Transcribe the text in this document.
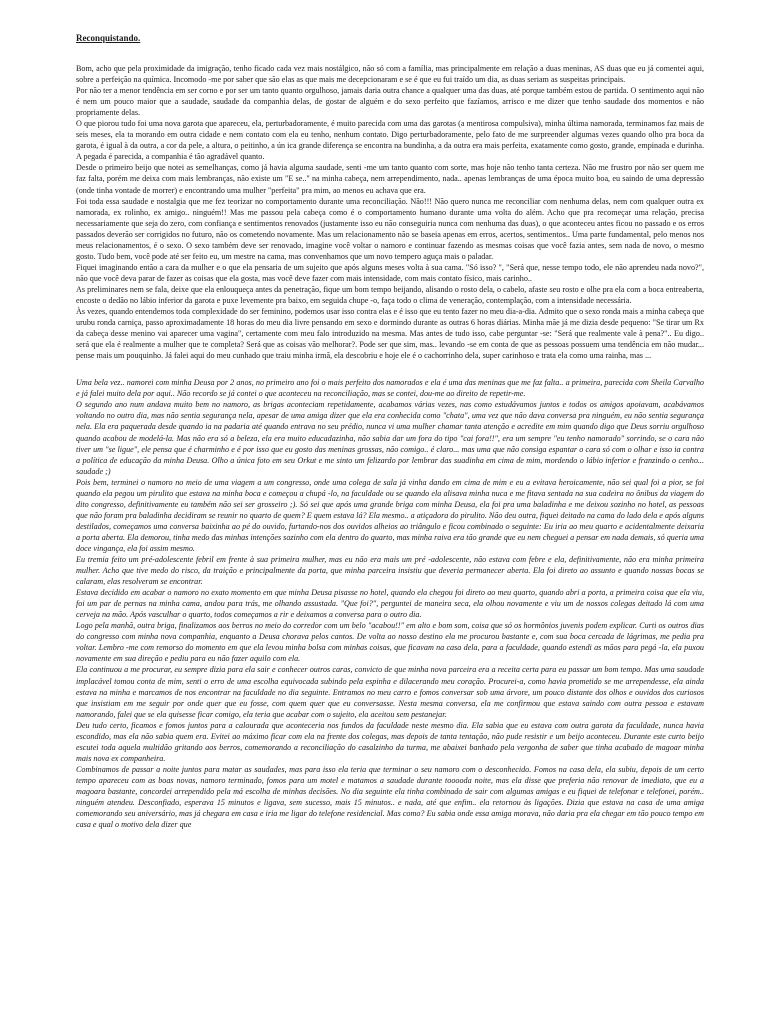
Reconquistando.

Bom, acho que pela proximidade da imigração, tenho ficado cada vez mais nostálgico, não só com a família, mas principalmente em relação a duas meninas, AS duas que eu já comentei aqui, sobre a perfeição na química. Incomodo -me por saber que são elas as que mais me decepcionaram e se é que eu fui traído um dia, as duas seriam as suspeitas principais.

Por não ter a menor tendência em ser corno e por ser um tanto quanto orgulhoso, jamais daria outra chance a qualquer uma das duas, até porque também estou de partida. O sentimento aqui não é nem um pouco maior que a saudade, saudade da companhia delas, de gostar de alguém e do sexo perfeito que fazíamos, arrisco e me dizer que tenho saudade dos momentos e não propriamente delas.

O que piorou tudo foi uma nova garota que apareceu, ela, perturbadoramente, é muito parecida com uma das garotas (a mentirosa compulsiva), minha última namorada, terminamos faz mais de seis meses, ela ta morando em outra cidade e nem contato com ela eu tenho, nenhum contato. Digo perturbadoramente, pelo fato de me surpreender algumas vezes quando olho pra boca da garota, é igual à da outra, a cor da pele, a altura, o peitinho, a ún ica grande diferença se encontra na bundinha, a da outra era mais perfeita, exatamente como gosto, grande, empinada e durinha. A pegada é parecida, a companhia é tão agradável quanto.

Desde o primeiro beijo que notei as semelhanças, como já havia alguma saudade, senti -me um tanto quanto com sorte, mas hoje não tenho tanta certeza. Não me frustro por não ser quem me faz falta, porém me deixa com mais lembranças, não existe um "E se.." na minha cabeça, nem arrependimento, nada.. apenas lembranças de uma época muito boa, eu saindo de uma depressão (onde tinha vontade de morrer) e encontrando uma mulher "perfeita" pra mim, ao menos eu achava que era.

Foi toda essa saudade e nostalgia que me fez teorizar no comportamento durante uma reconciliação. Não!!! Não quero nunca me reconciliar com nenhuma delas, nem com qualquer outra ex namorada, ex rolinho, ex amigo.. ninguém!! Mas me passou pela cabeça como é o comportamento humano durante uma volta do além. Acho que pra recomeçar uma relação, precisa necessariamente que seja do zero, com confiança e sentimentos renovados (justamente isso eu não conseguiria nunca com nenhuma das duas), o que aconteceu antes ficou no passado e os erros passados deverão ser corrigidos no futuro, não os cometendo novamente. Mas um relacionamento não se baseia apenas em erros, acertos, sentimentos.. Uma parte fundamental, pelo menos nos meus relacionamentos, é o sexo. O sexo também deve ser renovado, imagine você voltar o namoro e continuar fazendo as mesmas coisas que você fazia antes, sem nada de novo, o mesmo gosto. Tudo bem, você pode até ser feito eu, um mestre na cama, mas convenhamos que um novo tempero aguça mais o paladar.

Fiquei imaginando então a cara da mulher e o que ela pensaria de um sujeito que após alguns meses volta à sua cama. "Só isso? ", "Será que, nesse tempo todo, ele não aprendeu nada novo?", não que você deva parar de fazer as coisas que ela gosta, mas você deve fazer com mais intensidade, com mais contato físico, mais carinho..

As preliminares nem se fala, deixe que ela enlouqueça antes da penetração, fique um bom tempo beijando, alisando o rosto dela, o cabelo, afaste seu rosto e olhe pra ela com a boca entreaberta, encoste o dedão no lábio inferior da garota e puxe levemente pra baixo, em seguida chupe -o, faça todo o clima de veneração, contemplação, com a intensidade necessária.

Às vezes, quando entendemos toda complexidade do ser feminino, podemos usar isso contra elas e é isso que eu tento fazer no meu dia-a-dia. Admito que o sexo ronda mais a minha cabeça que urubu ronda carniça, passo aproximadamente 18 horas do meu dia livre pensando em sexo e dormindo durante as outras 6 horas diárias. Minha mãe já me dizia desde pequeno: "Se tirar um Rx da cabeça desse menino vai aparecer uma vagina", certamente com meu falo introduzido na mesma. Mas antes de tudo isso, cabe perguntar -se: "Será que realmente vale à pena?".. Eu digo.. será que ela é realmente a mulher que te completa? Será que as coisas vão melhorar?. Pode ser que sim, mas.. levando -se em conta de que as pessoas possuem uma tendência em não mudar... pense mais um pouquinho. Já falei aqui do meu cunhado que traiu minha irmã, ela descobriu e hoje ele é o cachorrinho dela, super carinhoso e trata ela como uma rainha, mas ...

Uma bela vez.. namorei com minha Deusa por 2 anos, no primeiro ano foi o mais perfeito dos namorados e ela é uma das meninas que me faz falta.. a primeira, parecida com Sheila Carvalho e já falei muito dela por aqui.. Não recordo se já contei o que aconteceu na reconciliação, mas se contei, dou-me ao direito de repetir-me.

O segundo ano num andava muito bem no namoro, as brigas aconteciam repetidamente, acabamos várias vezes, nas como estudávamos juntos e todos os amigos apoiavam, acabávamos voltando no outro dia, mas não sentia segurança nela, apesar de uma amiga dizer que ela era conhecida como "chata", uma vez que não dava conversa pra ninguém, eu não sentia segurança nela. Ela era paquerada desde quando ia na padaria até quando entrava no seu prédio, nunca vi uma mulher chamar tanta atenção e acredite em mim quando digo que Deus sorriu orgulhoso quando acabou de modelá-la. Mas não era só a beleza, ela era muito educadazinha, não sabia dar um fora do tipo "cai fora!!", era um sempre "eu tenho namorado" sorrindo, se o cara não tiver um "se ligue", ele pensa que é charminho e é por isso que eu gosto das meninas grossas, não comigo.. é claro... mas uma que não consiga espantar o cara só com o olhar e isso ia contra a política de educação da minha Deusa. Olho a única foto em seu Orkut e me sinto um felizardo por lembrar das suadinha em cima de mim, mordendo o lábio inferior e franzindo o cenho... saudade ;)

Pois bem, terminei o namoro no meio de uma viagem a um congresso, onde uma colega de sala já vinha dando em cima de mim e eu a evitava heroicamente, não sei qual foi a pior, se foi quando ela pegou um pirulito que estava na minha boca e começou a chupá -lo, na faculdade ou se quando ela alisava minha nuca e me fitava sentada na sua cadeira no ônibus da viagem do dito congresso, definitivamente eu também não sei ser grosseiro ;). Só sei que após uma grande briga com minha Deusa, ela foi pra uma baladinha e me deixou sozinho no hotel, as pessoas que não foram pra baladinha decidiram se reunir no quarto de quem? E quem estava lá? Ela mesmo.. a atiçadora do pirulito. Não deu outra, fiquei deitado na cama do lado dela e após alguns destilados, começamos uma conversa baixinha ao pé do ouvido, furtando-nos dos ouvidos alheios ao triângulo e ficou combinado o seguinte: Eu iria ao meu quarto e acidentalmente deixaria a porta aberta. Ela demorou, tinha medo das minhas intenções sozinho com ela dentro do quarto, mas minha raiva era tão grande que eu nem cheguei a pensar em nada demais, só queria uma doce vingança, ela foi assim mesmo.

Eu tremia feito um pré-adolescente febril em frente à sua primeira mulher, mas eu não era mais um pré -adolescente, não estava com febre e ela, definitivamente, não era minha primeira mulher. Acho que tive medo do risco, da traição e principalmente da porta, que minha parceira insistiu que deveria permanecer aberta. Ela foi direto ao assunto e quando nossas bocas se calaram, elas resolveram se encontrar.

Estava decidido em acabar o namoro no exato momento em que minha Deusa pisasse no hotel, quando ela chegou foi direto ao meu quarto, quando abri a porta, a primeira coisa que ela viu, foi um par de pernas na minha cama, andou para trás, me olhando assustada. "Que foi?", perguntei de maneira seca, ela olhou novamente e viu um de nossos colegas deitado lá com uma cerveja na mão. Após vasculhar o quarto, todos começamos a rir e deixamos a conversa para o outro dia.

Logo pela manhã, outra briga, finalizamos aos berros no meio do corredor com um belo "acabou!!" em alto e bom som, coisa que só os hormônios juvenis podem explicar. Curti os outros dias do congresso com minha nova companhia, enquanto a Deusa chorava pelos cantos. De volta ao nosso destino ela me procurou bastante e, com sua boca cercada de lágrimas, me pedia pra voltar. Lembro -me com remorso do momento em que ela levou minha bolsa com minhas coisas, que ficavam na casa dela, para a faculdade, quando estendi as mãos para pegá -la, ela puxou novamente em sua direção e pediu para eu não fazer aquilo com ela.

Ela continuou a me procurar, eu sempre dizia para ela sair e conhecer outros caras, convicto de que minha nova parceira era a receita certa para eu passar um bom tempo. Mas uma saudade implacável tomou conta de mim, senti o erro de uma escolha equivocada subindo pela espinha e dilacerando meu coração. Procurei-a, como havia prometido se me arrependesse, ela ainda estava na minha e marcamos de nos encontrar na faculdade no dia seguinte. Entramos no meu carro e fomos conversar sob uma árvore, um pouco distante dos olhos e ouvidos dos curiosos que insistiam em me seguir por onde quer que eu fosse, com quem quer que eu conversasse. Nesta mesma conversa, ela me confirmou que estava saindo com outra pessoa e estavam namorando, falei que se ela quisesse ficar comigo, ela teria que acabar com o sujeito, ela aceitou sem pestanejar.

Deu tudo certo, ficamos e fomos juntos para a calourada que aconteceria nos fundos da faculdade neste mesmo dia. Ela sabia que eu estava com outra garota da faculdade, nunca havia escondido, mas ela não sabia quem era. Evitei ao máximo ficar com ela na frente dos colegas, mas depois de tanta tentação, não pude resistir e um beijo aconteceu. Durante este curto beijo escutei toda aquela multidão gritando aos berros, comemorando a reconciliação do casalzinho da turma, me abaixei banhado pela vergonha de saber que tinha acabado de magoar minha mais nova ex companheira.

Combinamos de passar a noite juntos para matar as saudades, mas para isso ela teria que terminar o seu namoro com o desconhecido. Fomos na casa dela, ela subiu, depois de um certo tempo apareceu com as boas novas, namoro terminado, fomos para um motel e matamos a saudade durante tooooda noite, mas ela disse que preferia não renovar de imediato, que eu a magoara bastante, concordei arrependido pela má escolha de minhas decisões. No dia seguinte ela tinha combinado de sair com algumas amigas e eu fiquei de telefonar e telefonei, porém.. ninguém atendeu. Desconfiado, esperava 15 minutos e ligava, sem sucesso, mais 15 minutos.. e nada, até que enfim.. ela retornou às ligações. Dizia que estava na casa de uma amiga comemorando seu aniversário, mas já chegara em casa e iria me ligar do telefone residencial. Mas como? Eu sabia onde essa amiga morava, não daria pra ela chegar em tão pouco tempo em casa e qual o motivo dela dizer que
